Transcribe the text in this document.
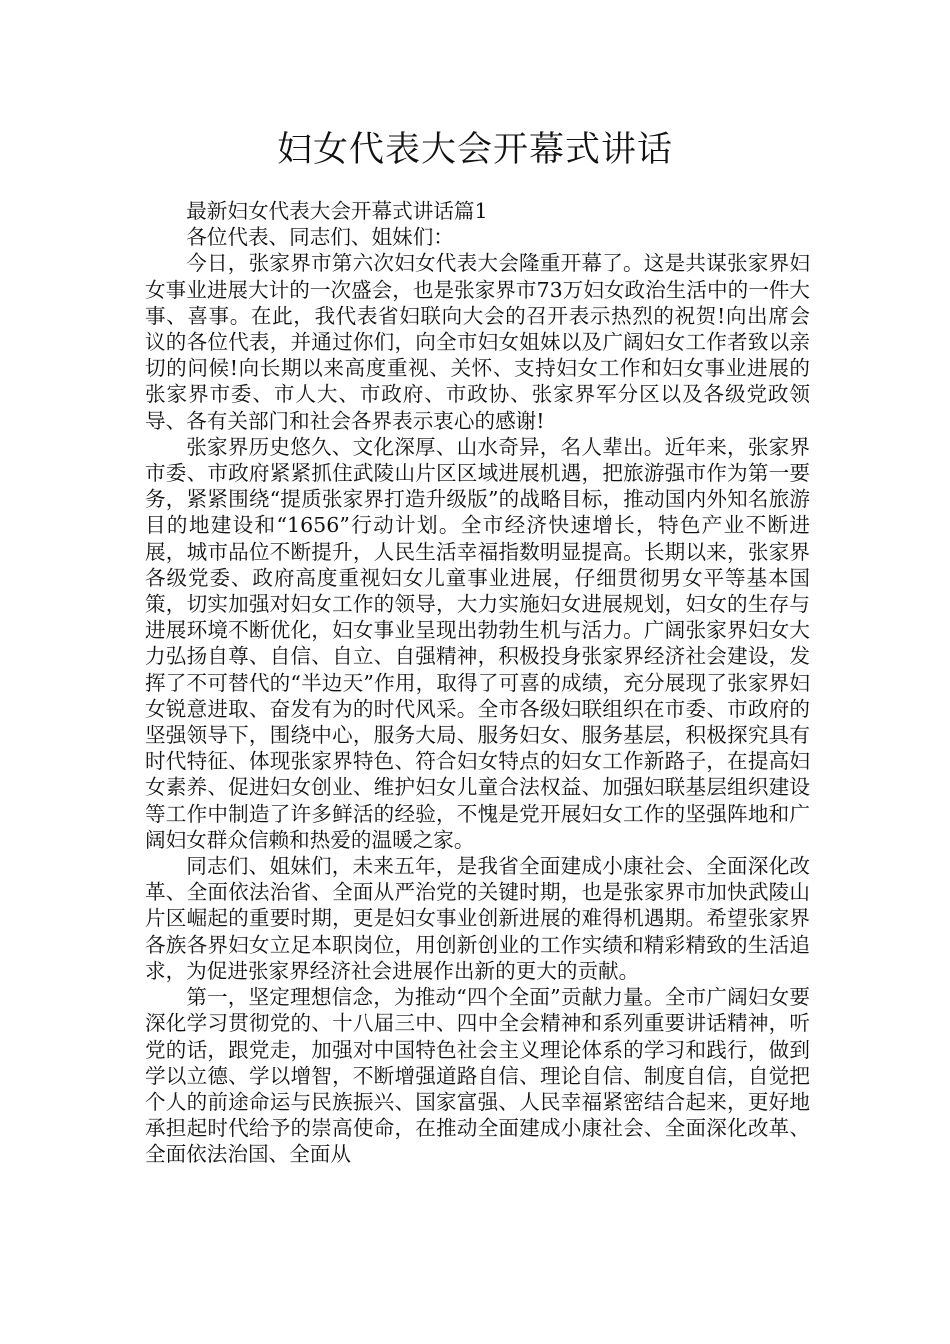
妇女代表大会开幕式讲话

最新妇女代表大会开幕式讲话篇1

各位代表、同志们、姐妹们：

今日，张家界市第六次妇女代表大会隆重开幕了。这是共谋张家界妇女事业进展大计的一次盛会，也是张家界市73万妇女政治生活中的一件大事、喜事。在此，我代表省妇联向大会的召开表示热烈的祝贺!向出席会议的各位代表，并通过你们，向全市妇女姐妹以及广阔妇女工作者致以亲切的问候!向长期以来高度重视、关怀、支持妇女工作和妇女事业进展的张家界市委、市人大、市政府、市政协、张家界军分区以及各级党政领导、各有关部门和社会各界表示衷心的感谢!

张家界历史悠久、文化深厚、山水奇异，名人辈出。近年来，张家界市委、市政府紧紧抓住武陵山片区区域进展机遇，把旅游强市作为第一要务，紧紧围绕“提质张家界打造升级版”的战略目标，推动国内外知名旅游目的地建设和“1656”行动计划。全市经济快速增长，特色产业不断进展，城市品位不断提升，人民生活幸福指数明显提高。长期以来，张家界各级党委、政府高度重视妇女儿童事业进展，仔细贯彻男女平等基本国策，切实加强对妇女工作的领导，大力实施妇女进展规划，妇女的生存与进展环境不断优化，妇女事业呈现出勃勃生机与活力。广阔张家界妇女大力弘扬自尊、自信、自立、自强精神，积极投身张家界经济社会建设，发挥了不可替代的“半边天”作用，取得了可喜的成绩，充分展现了张家界妇女锐意进取、奋发有为的时代风采。全市各级妇联组织在市委、市政府的坚强领导下，围绕中心，服务大局、服务妇女、服务基层，积极探究具有时代特征、体现张家界特色、符合妇女特点的妇女工作新路子，在提高妇女素养、促进妇女创业、维护妇女儿童合法权益、加强妇联基层组织建设等工作中制造了许多鲜活的经验，不愧是党开展妇女工作的坚强阵地和广阔妇女群众信赖和热爱的温暖之家。

同志们、姐妹们，未来五年，是我省全面建成小康社会、全面深化改革、全面依法治省、全面从严治党的关键时期，也是张家界市加快武陵山片区崛起的重要时期，更是妇女事业创新进展的难得机遇期。希望张家界各族各界妇女立足本职岗位，用创新创业的工作实绩和精彩精致的生活追求，为促进张家界经济社会进展作出新的更大的贡献。

第一，坚定理想信念，为推动“四个全面”贡献力量。全市广阔妇女要深化学习贯彻党的、十八届三中、四中全会精神和系列重要讲话精神，听党的话，跟党走，加强对中国特色社会主义理论体系的学习和践行，做到学以立德、学以增智，不断增强道路自信、理论自信、制度自信，自觉把个人的前途命运与民族振兴、国家富强、人民幸福紧密结合起来，更好地承担起时代给予的崇高使命，在推动全面建成小康社会、全面深化改革、全面依法治国、全面从
